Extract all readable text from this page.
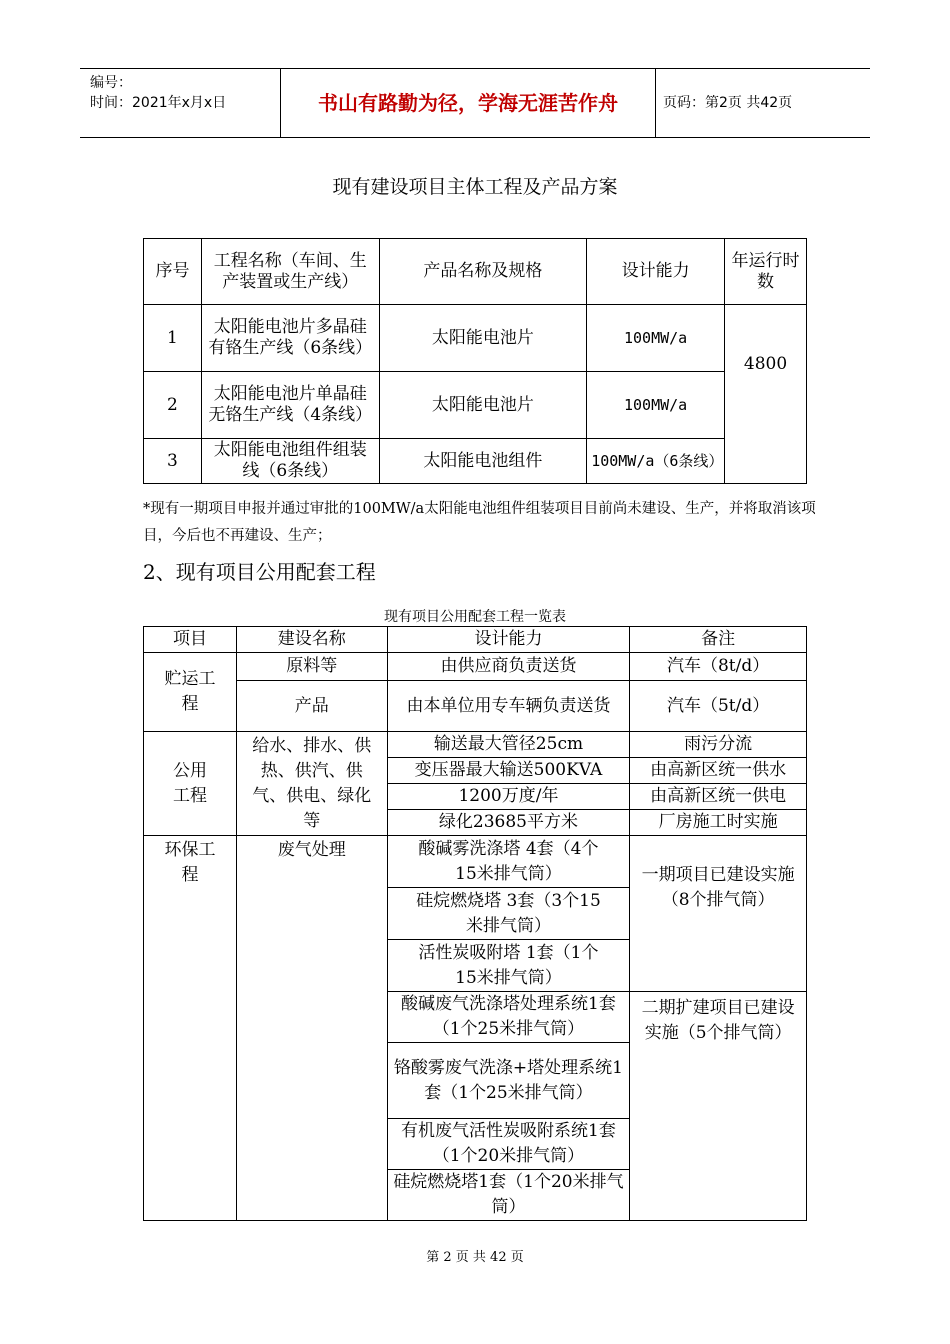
编号：
时间：2021年x月x日	书山有路勤为径，学海无涯苦作舟	页码：第2页 共42页
现有建设项目主体工程及产品方案
序号	工程名称（车间、生产装置或生产线）	产品名称及规格	设计能力	年运行时数
1	太阳能电池片多晶硅有铬生产线（6条线）	太阳能电池片	100MW/a	4800
2	太阳能电池片单晶硅无铬生产线（4条线）	太阳能电池片	100MW/a	
3	太阳能电池组件组装线（6条线）	太阳能电池组件	100MW/a（6条线）	
*现有一期项目申报并通过审批的100MW/a太阳能电池组件组装项目目前尚未建设、生产，并将取消该项目，今后也不再建设、生产；
2、现有项目公用配套工程
现有项目公用配套工程一览表
项目	建设名称	设计能力	备注
贮运工程	原料等	由供应商负责送货	汽车（8t/d）
	产品	由本单位用专车辆负责送货	汽车（5t/d）
公用工程	给水、排水、供热、供汽、供气、供电、绿化等	输送最大管径25cm	雨污分流
		变压器最大输送500KVA	由高新区统一供水
		1200万度/年	由高新区统一供电
		绿化23685平方米	厂房施工时实施
环保工程	废气处理	酸碱雾洗涤塔 4套（4个15米排气筒）	一期项目已建设实施（8个排气筒）
		硅烷燃烧塔 3套（3个15米排气筒）	
		活性炭吸附塔 1套（1个15米排气筒）	
		酸碱废气洗涤塔处理系统1套（1个25米排气筒）	二期扩建项目已建设实施（5个排气筒）
		铬酸雾废气洗涤+塔处理系统1套（1个25米排气筒）	
		有机废气活性炭吸附系统1套（1个20米排气筒）	
		硅烷燃烧塔1套（1个20米排气筒）	
第 2 页 共 42 页
